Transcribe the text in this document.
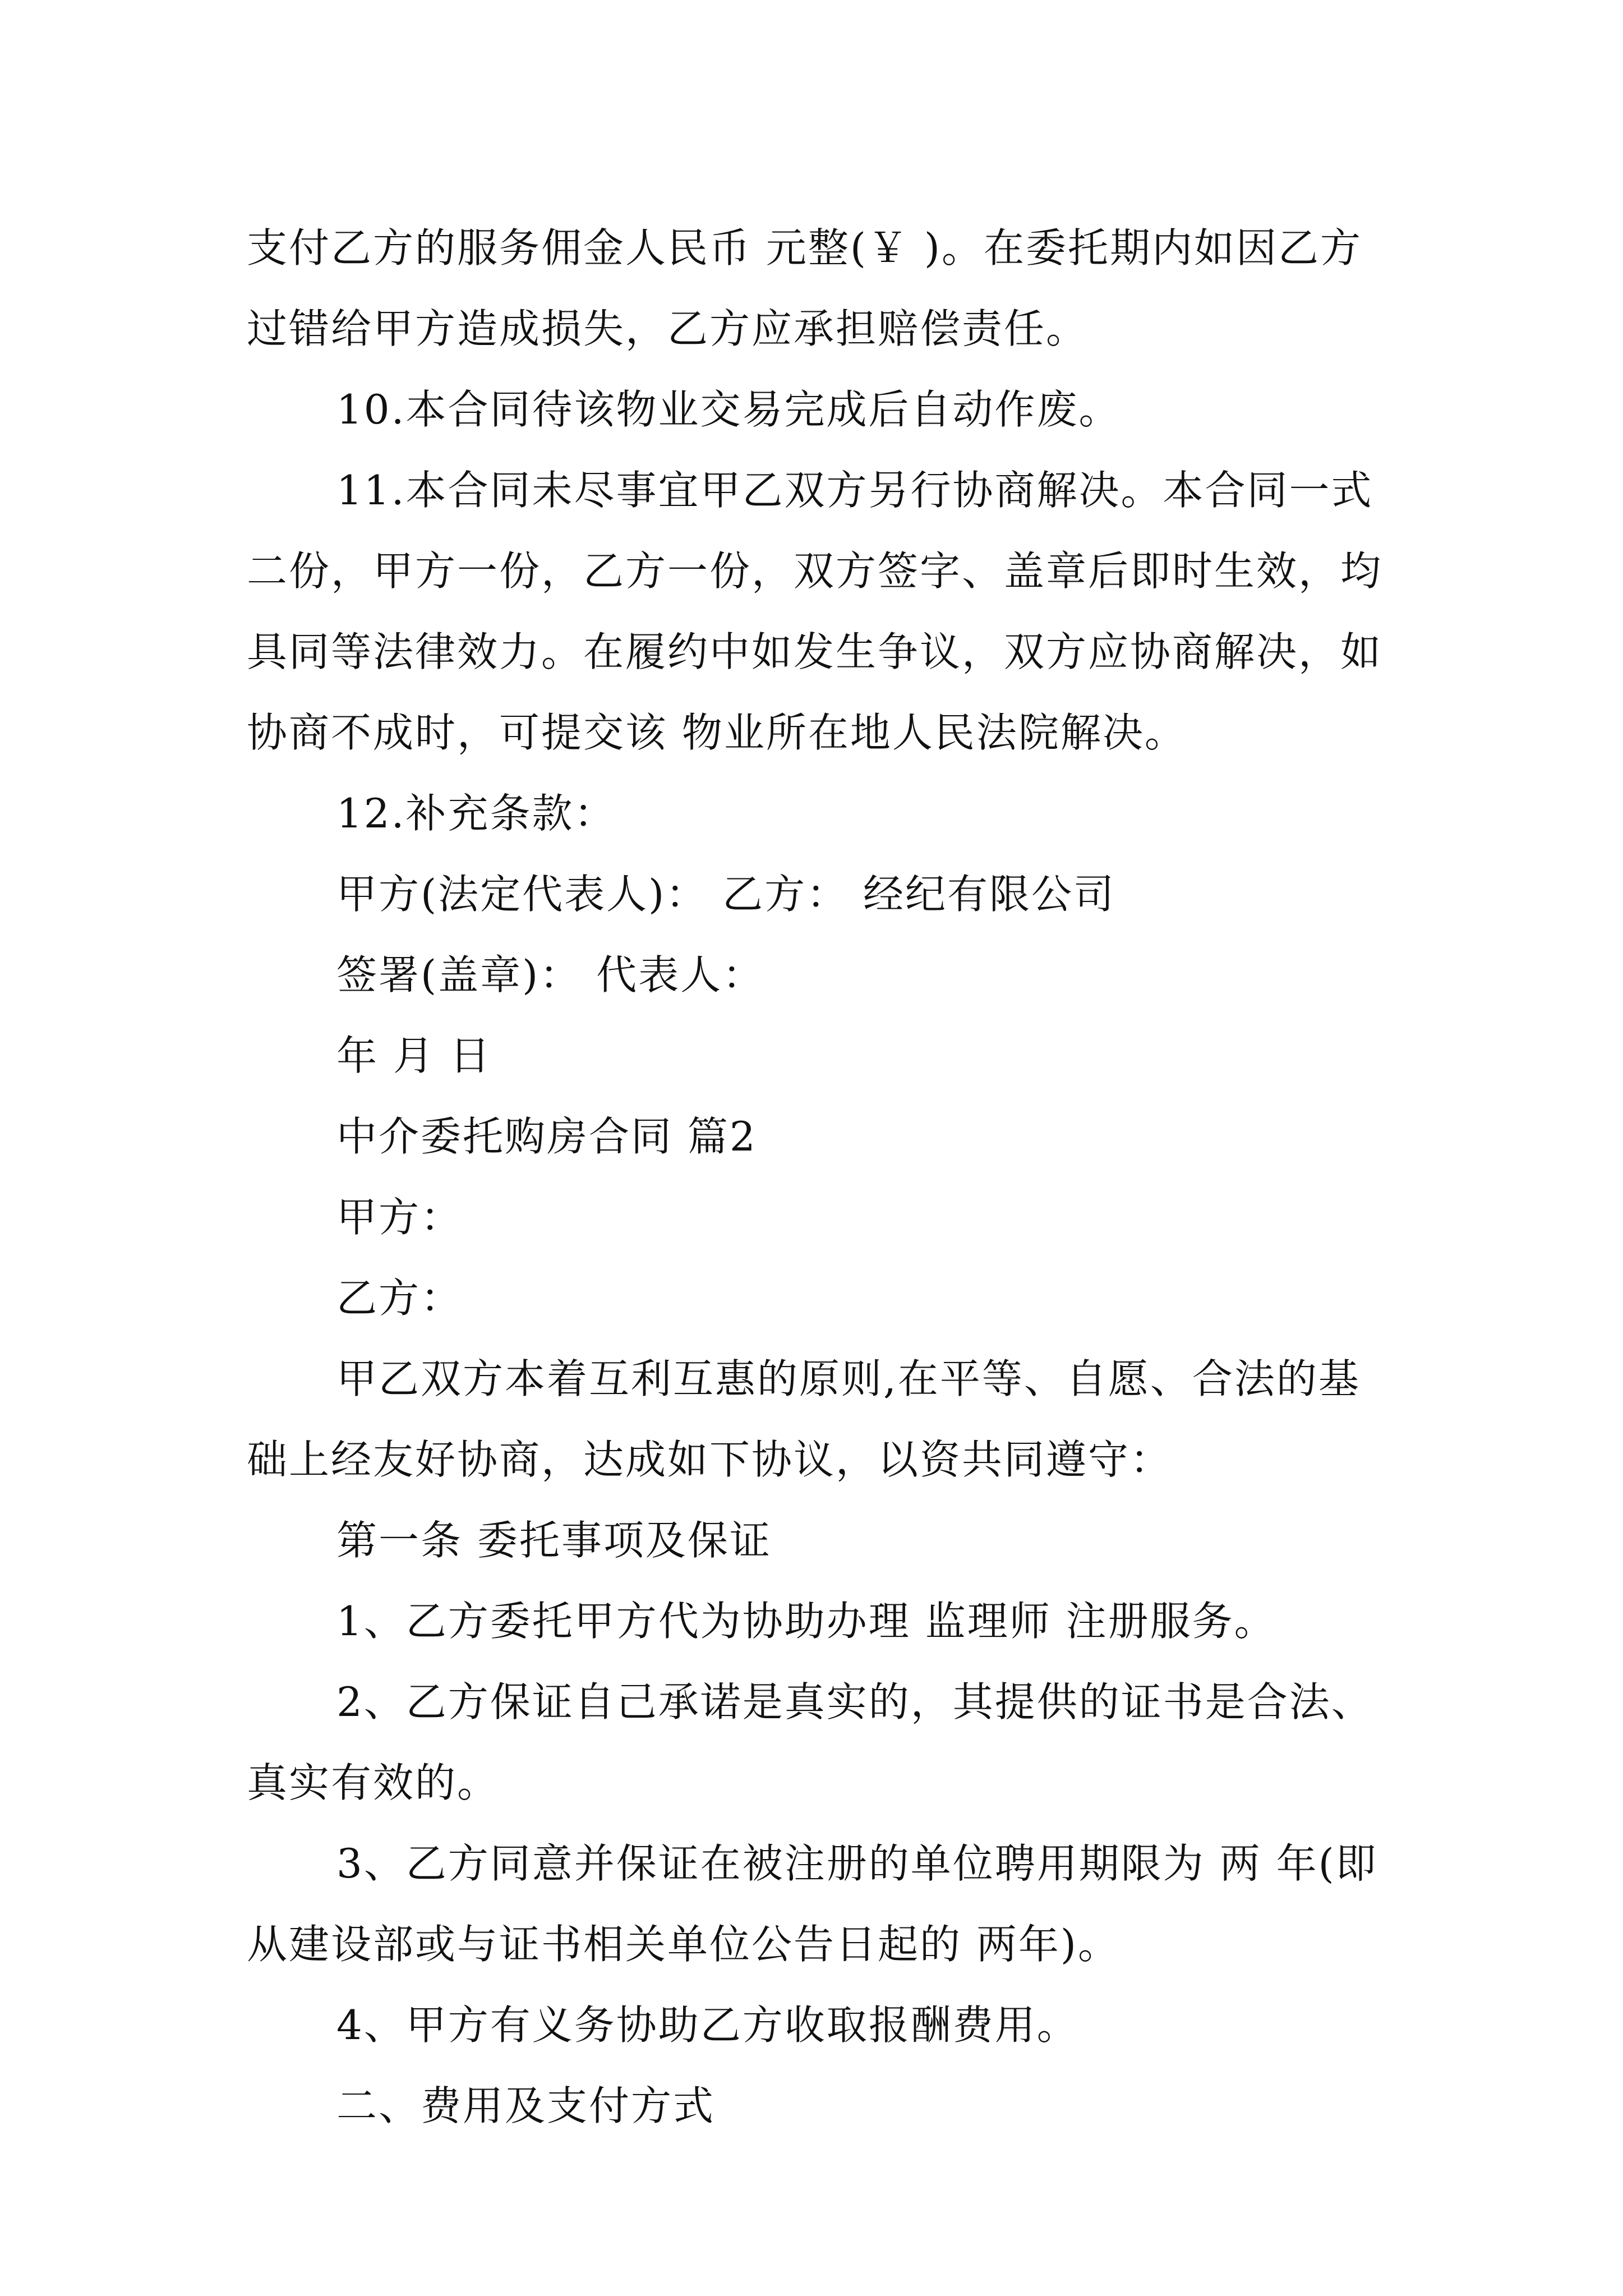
支付乙方的服务佣金人民币 元整(￥ )。在委托期内如因乙方过错给甲方造成损失，乙方应承担赔偿责任。

10.本合同待该物业交易完成后自动作废。

11.本合同未尽事宜甲乙双方另行协商解决。本合同一式二份，甲方一份，乙方一份，双方签字、盖章后即时生效，均具同等法律效力。在履约中如发生争议，双方应协商解决，如协商不成时，可提交该 物业所在地人民法院解决。

12.补充条款：

甲方(法定代表人)： 乙方： 经纪有限公司

签署(盖章)： 代表人：

年 月 日

中介委托购房合同 篇2

甲方：

乙方：

甲乙双方本着互利互惠的原则,在平等、自愿、合法的基础上经友好协商，达成如下协议，以资共同遵守：

第一条 委托事项及保证

1、乙方委托甲方代为协助办理 监理师 注册服务。

2、乙方保证自己承诺是真实的，其提供的证书是合法、真实有效的。

3、乙方同意并保证在被注册的单位聘用期限为 两 年(即从建设部或与证书相关单位公告日起的 两年)。

4、甲方有义务协助乙方收取报酬费用。

二、费用及支付方式
